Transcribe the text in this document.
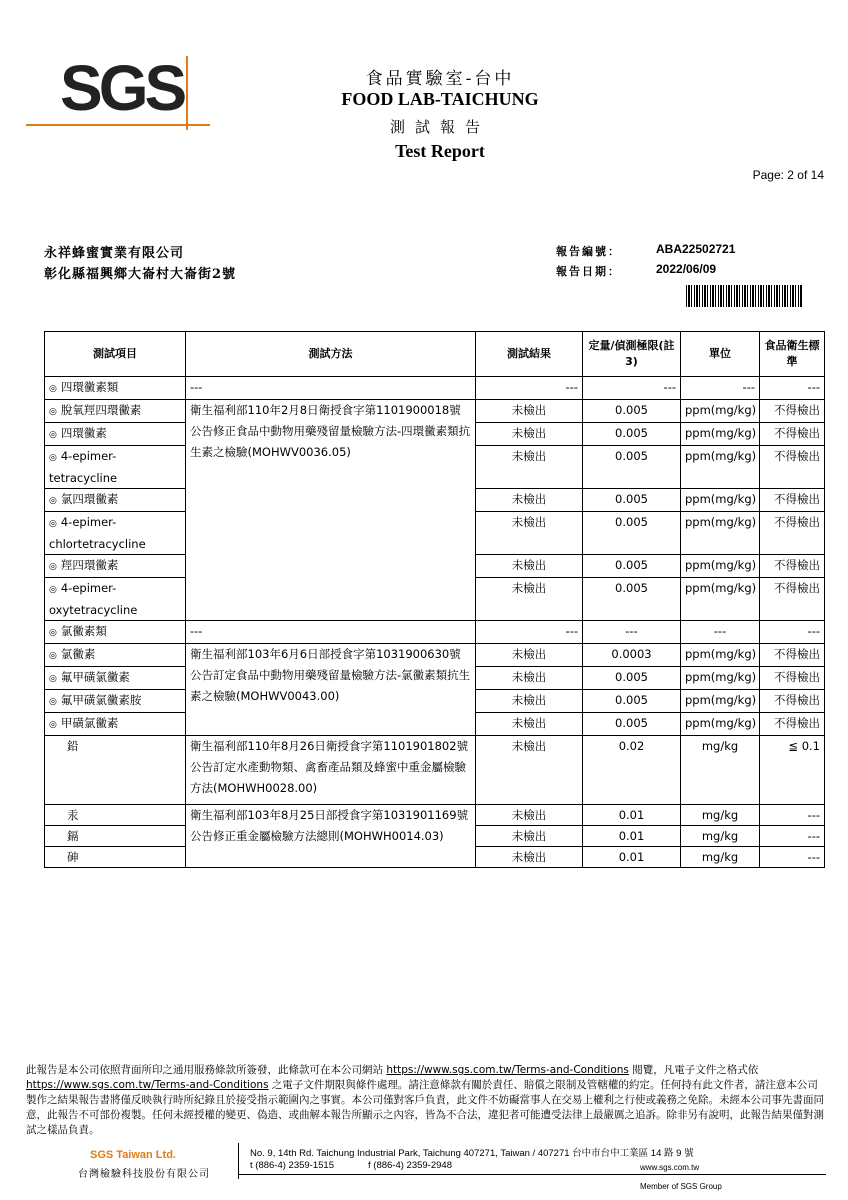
SGS	食品實驗室-台中
FOOD LAB-TAICHUNG
測試報告
Test Report
Page: 2 of 14
永祥蜂蜜實業有限公司
彰化縣福興鄉大崙村大崙街2號
報告編號：	ABA22502721
報告日期：	2022/06/09
測試項目	測試方法	測試結果	定量/偵測極限(註3)	單位	食品衛生標準
◎ 四環黴素類	---	---	---	---	---
◎ 脫氧羥四環黴素	衛生福利部110年2月8日衛授食字第1101900018號公告修正食品中動物用藥殘留量檢驗方法-四環黴素類抗生素之檢驗(MOHWV0036.05)	未檢出	0.005	ppm(mg/kg)	不得檢出
◎ 四環黴素		未檢出	0.005	ppm(mg/kg)	不得檢出
◎ 4-epimer-tetracycline		未檢出	0.005	ppm(mg/kg)	不得檢出
◎ 氯四環黴素		未檢出	0.005	ppm(mg/kg)	不得檢出
◎ 4-epimer-chlortetracycline		未檢出	0.005	ppm(mg/kg)	不得檢出
◎ 羥四環黴素		未檢出	0.005	ppm(mg/kg)	不得檢出
◎ 4-epimer-oxytetracycline		未檢出	0.005	ppm(mg/kg)	不得檢出
◎ 氯黴素類	---	---	---	---	---
◎ 氯黴素	衛生福利部103年6月6日部授食字第1031900630號公告訂定食品中動物用藥殘留量檢驗方法-氯黴素類抗生素之檢驗(MOHWV0043.00)	未檢出	0.0003	ppm(mg/kg)	不得檢出
◎ 氟甲磺氯黴素		未檢出	0.005	ppm(mg/kg)	不得檢出
◎ 氟甲磺氯黴素胺		未檢出	0.005	ppm(mg/kg)	不得檢出
◎ 甲磺氯黴素		未檢出	0.005	ppm(mg/kg)	不得檢出
鉛	衛生福利部110年8月26日衛授食字第1101901802號公告訂定水產動物類、禽畜產品類及蜂蜜中重金屬檢驗方法(MOHWH0028.00)	未檢出	0.02	mg/kg	≦ 0.1
汞	衛生福利部103年8月25日部授食字第1031901169號公告修正重金屬檢驗方法總則(MOHWH0014.03)	未檢出	0.01	mg/kg	---
鎘		未檢出	0.01	mg/kg	---
砷		未檢出	0.01	mg/kg	---
此報告是本公司依照背面所印之通用服務條款所簽發，此條款可在本公司網站 https://www.sgs.com.tw/Terms-and-Conditions 閱覽，凡電子文件之格式依https://www.sgs.com.tw/Terms-and-Conditions 之電子文件期限與條件處理。請注意條款有關於責任、賠償之限制及管轄權的約定。任何持有此文件者，請注意本公司製作之結果報告書將僅反映執行時所紀錄且於接受指示範圍內之事實。本公司僅對客戶負責，此文件不妨礙當事人在交易上權利之行使或義務之免除。未經本公司事先書面同意，此報告不可部份複製。任何未經授權的變更、偽造、或曲解本報告所顯示之內容，皆為不合法，違犯者可能遭受法律上最嚴厲之追訴。除非另有說明，此報告結果僅對測試之樣品負責。
SGS Taiwan Ltd.
台灣檢驗科技股份有限公司
No. 9, 14th Rd. Taichung Industrial Park, Taichung 407271, Taiwan / 407271 台中市台中工業區 14 路 9 號
t (886-4) 2359-1515	f (886-4) 2359-2948	www.sgs.com.tw
Member of SGS Group
